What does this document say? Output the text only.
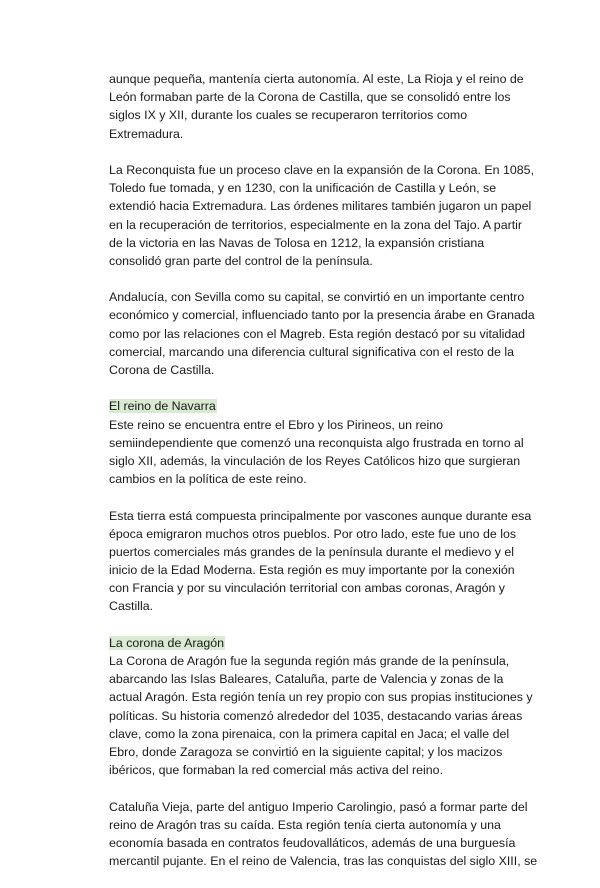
aunque pequeña, mantenía cierta autonomía. Al este, La Rioja y el reino de
León formaban parte de la Corona de Castilla, que se consolidó entre los
siglos IX y XII, durante los cuales se recuperaron territorios como
Extremadura.
La Reconquista fue un proceso clave en la expansión de la Corona. En 1085,
Toledo fue tomada, y en 1230, con la unificación de Castilla y León, se
extendió hacia Extremadura. Las órdenes militares también jugaron un papel
en la recuperación de territorios, especialmente en la zona del Tajo. A partir
de la victoria en las Navas de Tolosa en 1212, la expansión cristiana
consolidó gran parte del control de la península.
Andalucía, con Sevilla como su capital, se convirtió en un importante centro
económico y comercial, influenciado tanto por la presencia árabe en Granada
como por las relaciones con el Magreb. Esta región destacó por su vitalidad
comercial, marcando una diferencia cultural significativa con el resto de la
Corona de Castilla.
El reino de Navarra
Este reino se encuentra entre el Ebro y los Pirineos, un reino
semiindependiente que comenzó una reconquista algo frustrada en torno al
siglo XII, además, la vinculación de los Reyes Católicos hizo que surgieran
cambios en la política de este reino.
Esta tierra está compuesta principalmente por vascones aunque durante esa
época emigraron muchos otros pueblos. Por otro lado, este fue uno de los
puertos comerciales más grandes de la península durante el medievo y el
inicio de la Edad Moderna. Esta región es muy importante por la conexión
con Francia y por su vinculación territorial con ambas coronas, Aragón y
Castilla.
La corona de Aragón
La Corona de Aragón fue la segunda región más grande de la península,
abarcando las Islas Baleares, Cataluña, parte de Valencia y zonas de la
actual Aragón. Esta región tenía un rey propio con sus propias instituciones y
políticas. Su historia comenzó alrededor del 1035, destacando varias áreas
clave, como la zona pirenaica, con la primera capital en Jaca; el valle del
Ebro, donde Zaragoza se convirtió en la siguiente capital; y los macizos
ibéricos, que formaban la red comercial más activa del reino.
Cataluña Vieja, parte del antiguo Imperio Carolingio, pasó a formar parte del
reino de Aragón tras su caída. Esta región tenía cierta autonomía y una
economía basada en contratos feudovalláticos, además de una burguesía
mercantil pujante. En el reino de Valencia, tras las conquistas del siglo XIII, se
